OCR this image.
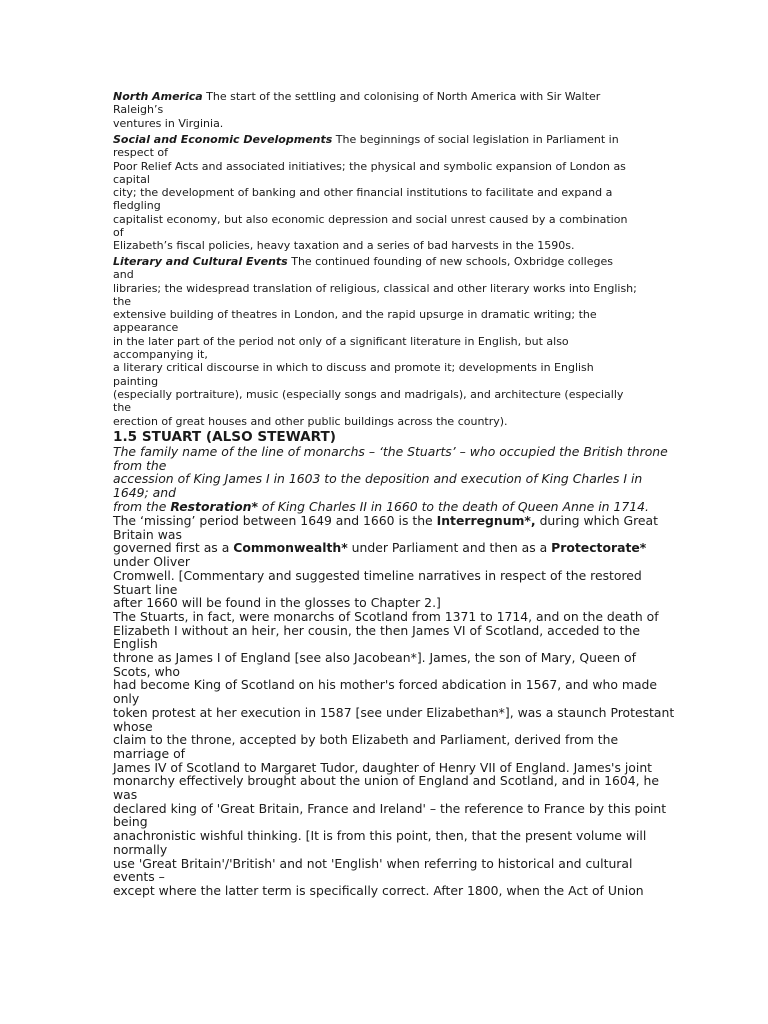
North America The start of the settling and colonising of North America with Sir Walter
Raleigh’s
ventures in Virginia.
Social and Economic Developments The beginnings of social legislation in Parliament in
respect of
Poor Relief Acts and associated initiatives; the physical and symbolic expansion of London as
capital
city; the development of banking and other financial institutions to facilitate and expand a
fledgling
capitalist economy, but also economic depression and social unrest caused by a combination
of
Elizabeth’s fiscal policies, heavy taxation and a series of bad harvests in the 1590s.
Literary and Cultural Events The continued founding of new schools, Oxbridge colleges
and
libraries; the widespread translation of religious, classical and other literary works into English;
the
extensive building of theatres in London, and the rapid upsurge in dramatic writing; the
appearance
in the later part of the period not only of a significant literature in English, but also
accompanying it,
a literary critical discourse in which to discuss and promote it; developments in English
painting
(especially portraiture), music (especially songs and madrigals), and architecture (especially
the
erection of great houses and other public buildings across the country).
1.5 STUART (ALSO STEWART)
The family name of the line of monarchs – ‘the Stuarts’ – who occupied the British throne
from the
accession of King James I in 1603 to the deposition and execution of King Charles I in
1649; and
from the Restoration* of King Charles II in 1660 to the death of Queen Anne in 1714.
The ‘missing’ period between 1649 and 1660 is the Interregnum*, during which Great
Britain was
governed first as a Commonwealth* under Parliament and then as a Protectorate*
under Oliver
Cromwell. [Commentary and suggested timeline narratives in respect of the restored
Stuart line
after 1660 will be found in the glosses to Chapter 2.]
The Stuarts, in fact, were monarchs of Scotland from 1371 to 1714, and on the death of
Elizabeth I without an heir, her cousin, the then James VI of Scotland, acceded to the
English
throne as James I of England [see also Jacobean*]. James, the son of Mary, Queen of
Scots, who
had become King of Scotland on his mother's forced abdication in 1567, and who made
only
token protest at her execution in 1587 [see under Elizabethan*], was a staunch Protestant
whose
claim to the throne, accepted by both Elizabeth and Parliament, derived from the
marriage of
James IV of Scotland to Margaret Tudor, daughter of Henry VII of England. James's joint
monarchy effectively brought about the union of England and Scotland, and in 1604, he
was
declared king of 'Great Britain, France and Ireland' – the reference to France by this point
being
anachronistic wishful thinking. [It is from this point, then, that the present volume will
normally
use 'Great Britain'/'British' and not 'English' when referring to historical and cultural
events –
except where the latter term is specifically correct. After 1800, when the Act of Union
